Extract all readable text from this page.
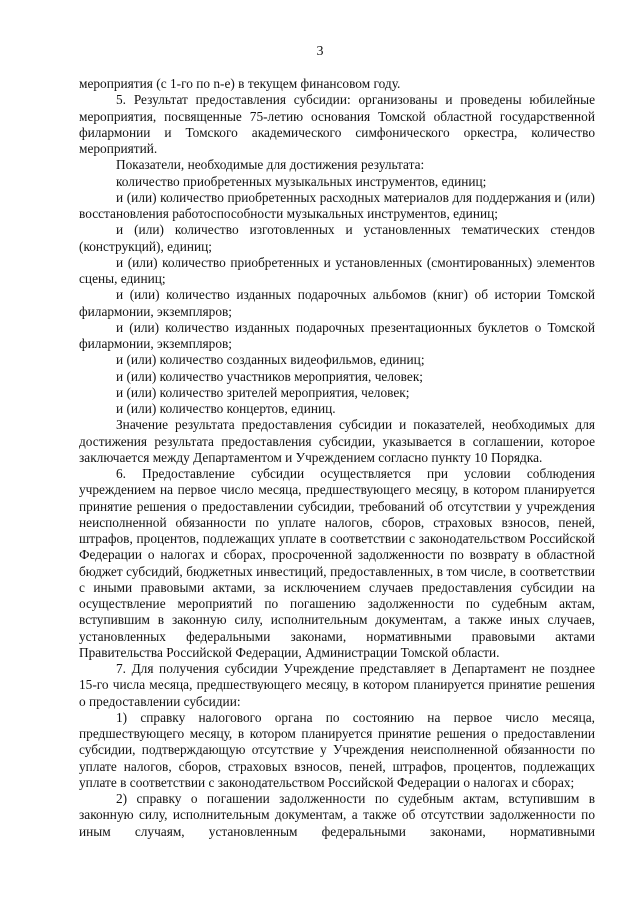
3

мероприятия (с 1-го по n-е) в текущем финансовом году.

5. Результат предоставления субсидии: организованы и проведены юбилейные мероприятия, посвященные 75-летию основания Томской областной государственной филармонии и Томского академического симфонического оркестра, количество мероприятий.

Показатели, необходимые для достижения результата:

количество приобретенных музыкальных инструментов, единиц;

и (или) количество приобретенных расходных материалов для поддержания и (или) восстановления работоспособности музыкальных инструментов, единиц;

и (или) количество изготовленных и установленных тематических стендов (конструкций), единиц;

и (или) количество приобретенных и установленных (смонтированных) элементов сцены, единиц;

и (или) количество изданных подарочных альбомов (книг) об истории Томской филармонии, экземпляров;

и (или) количество изданных подарочных презентационных буклетов о Томской филармонии, экземпляров;

и (или) количество созданных видеофильмов, единиц;

и (или) количество участников мероприятия, человек;

и (или) количество зрителей мероприятия, человек;

и (или) количество концертов, единиц.

Значение результата предоставления субсидии и показателей, необходимых для достижения результата предоставления субсидии, указывается в соглашении, которое заключается между Департаментом и Учреждением согласно пункту 10 Порядка.

6. Предоставление субсидии осуществляется при условии соблюдения учреждением на первое число месяца, предшествующего месяцу, в котором планируется принятие решения о предоставлении субсидии, требований об отсутствии у учреждения неисполненной обязанности по уплате налогов, сборов, страховых взносов, пеней, штрафов, процентов, подлежащих уплате в соответствии с законодательством Российской Федерации о налогах и сборах, просроченной задолженности по возврату в областной бюджет субсидий, бюджетных инвестиций, предоставленных, в том числе, в соответствии с иными правовыми актами, за исключением случаев предоставления субсидии на осуществление мероприятий по погашению задолженности по судебным актам, вступившим в законную силу, исполнительным документам, а также иных случаев, установленных федеральными законами, нормативными правовыми актами Правительства Российской Федерации, Администрации Томской области.

7. Для получения субсидии Учреждение представляет в Департамент не позднее 15-го числа месяца, предшествующего месяцу, в котором планируется принятие решения о предоставлении субсидии:

1) справку налогового органа по состоянию на первое число месяца, предшествующего месяцу, в котором планируется принятие решения о предоставлении субсидии, подтверждающую отсутствие у Учреждения неисполненной обязанности по уплате налогов, сборов, страховых взносов, пеней, штрафов, процентов, подлежащих уплате в соответствии с законодательством Российской Федерации о налогах и сборах;

2) справку о погашении задолженности по судебным актам, вступившим в законную силу, исполнительным документам, а также об отсутствии задолженности по иным случаям, установленным федеральными законами, нормативными
